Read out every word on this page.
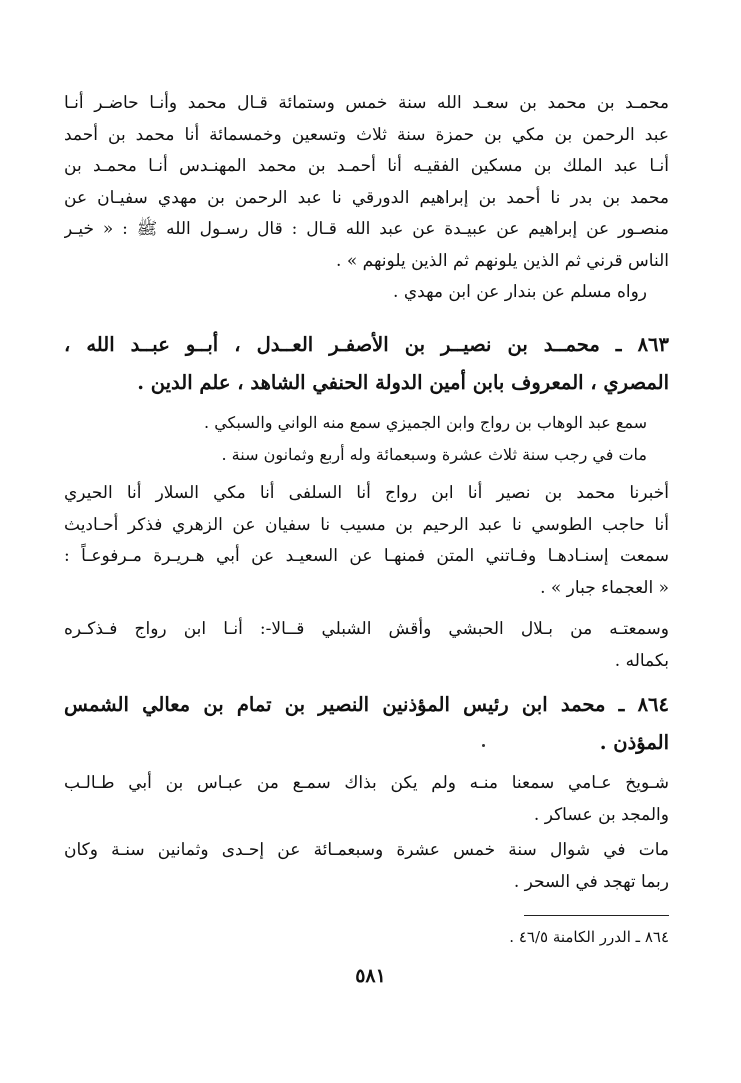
محمـد بن محمد بن سعـد الله سنة خمس وستمائة قـال محمد وأنـا حاضـر أنـا
عبد الرحمن بن مكي بن حمزة سنة ثلاث وتسعين وخمسمائة أنا محمد بن أحمد
أنـا عبد الملك بن مسكين الفقيـه أنا أحمـد بن محمد المهنـدس أنـا محمـد بن
محمد بن بدر نا أحمد بن إبراهيم الدورقي نا عبد الرحمن بن مهدي سفيـان عن
منصـور عن إبراهيم عن عبيـدة عن عبد الله قـال : قال رسـول الله ﷺ : « خيـر
الناس قرني ثم الذين يلونهم ثم الذين يلونهم » .
رواه مسلم عن بندار عن ابن مهدي .
٨٦٣ ـ محمــد بن نصيــر بن الأصفـر العــدل ، أبــو عبــد الله ،
المصري ، المعروف بابن أمين الدولة الحنفي الشاهد ، علم الدين .
سمع عبد الوهاب بن رواج وابن الجميزي سمع منه الواني والسبكي .
مات في رجب سنة ثلاث عشرة وسبعمائة وله أربع وثمانون سنة .
أخبرنا محمد بن نصير أنا ابن رواج أنا السلفى أنا مكي السلار أنا الحيري
أنا حاجب الطوسي نا عبد الرحيم بن مسيب نا سفيان عن الزهري فذكر أحـاديث
سمعت إسنـادهـا وفـاتني المتن فمنهـا عن السعيـد عن أبي هـريـرة مـرفوعـاً :
« العجماء جبار » .
وسمعتـه من بـلال الحبشي وأقش الشبلي قــالا-: أنـا ابن رواج فـذكـره
بكماله .
٨٦٤ ـ محمد ابن رئيس المؤذنين النصير بن تمام بن معالي الشمس
المؤذن .
شـويخ عـامي سمعنا منـه ولم يكن بذاك سمـع من عبـاس بن أبي طـالـب
والمجد بن عساكر .
مات في شوال سنة خمس عشرة وسبعمـائة عن إحـدى وثمانين سنـة وكان
ربما تهجد في السحر .
٨٦٤ ـ الدرر الكامنة ٤٦/٥ .
٥٨١
